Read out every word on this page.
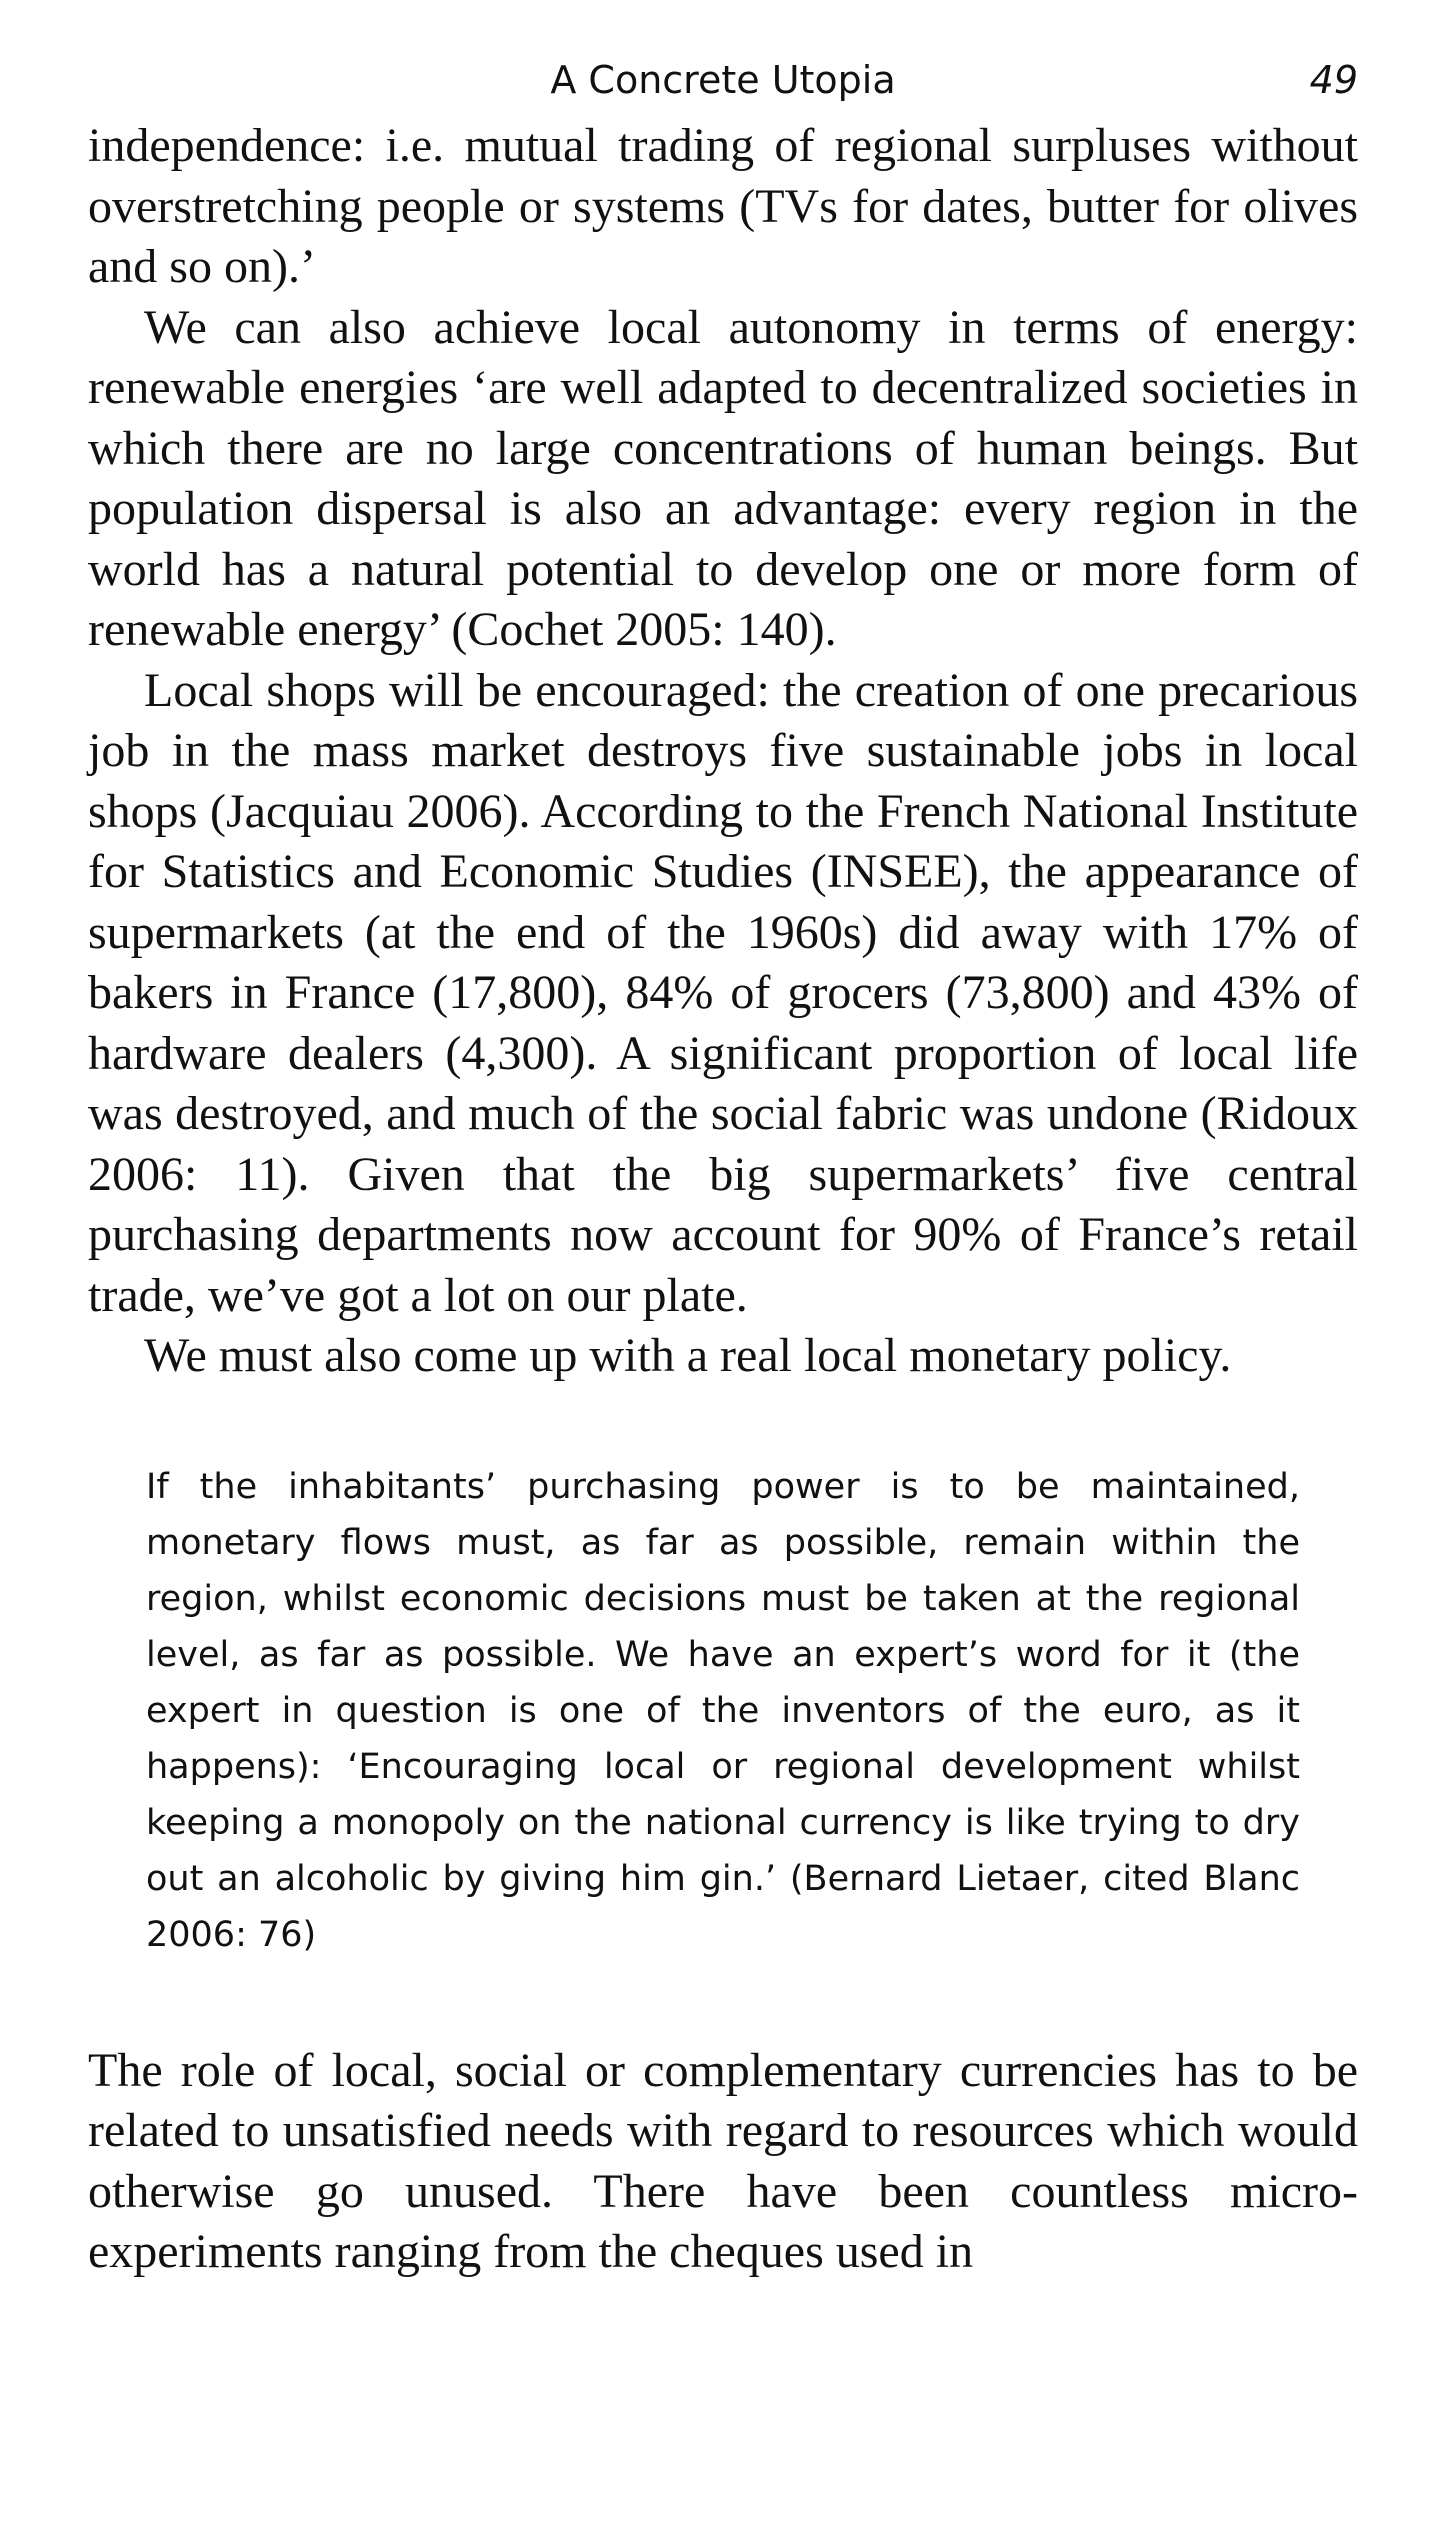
A Concrete Utopia	49

independence: i.e. mutual trading of regional surpluses without overstretching people or systems (TVs for dates, butter for olives and so on).’

We can also achieve local autonomy in terms of energy: renewable energies ‘are well adapted to decentralized societies in which there are no large concentrations of human beings. But population dispersal is also an advantage: every region in the world has a natural potential to develop one or more form of renewable energy’ (Cochet 2005: 140).

Local shops will be encouraged: the creation of one precarious job in the mass market destroys five sustainable jobs in local shops (Jacquiau 2006). According to the French National Institute for Statistics and Economic Studies (INSEE), the appearance of supermarkets (at the end of the 1960s) did away with 17% of bakers in France (17,800), 84% of grocers (73,800) and 43% of hardware dealers (4,300). A significant proportion of local life was destroyed, and much of the social fabric was undone (Ridoux 2006: 11). Given that the big supermarkets’ five central purchasing departments now account for 90% of France’s retail trade, we’ve got a lot on our plate.

We must also come up with a real local monetary policy.

If the inhabitants’ purchasing power is to be maintained, monetary flows must, as far as possible, remain within the region, whilst economic decisions must be taken at the regional level, as far as possible. We have an expert’s word for it (the expert in question is one of the inventors of the euro, as it happens): ‘Encouraging local or regional development whilst keeping a monopoly on the national currency is like trying to dry out an alcoholic by giving him gin.’ (Bernard Lietaer, cited Blanc 2006: 76)

The role of local, social or complementary currencies has to be related to unsatisfied needs with regard to resources which would otherwise go unused. There have been countless micro-experiments ranging from the cheques used in
